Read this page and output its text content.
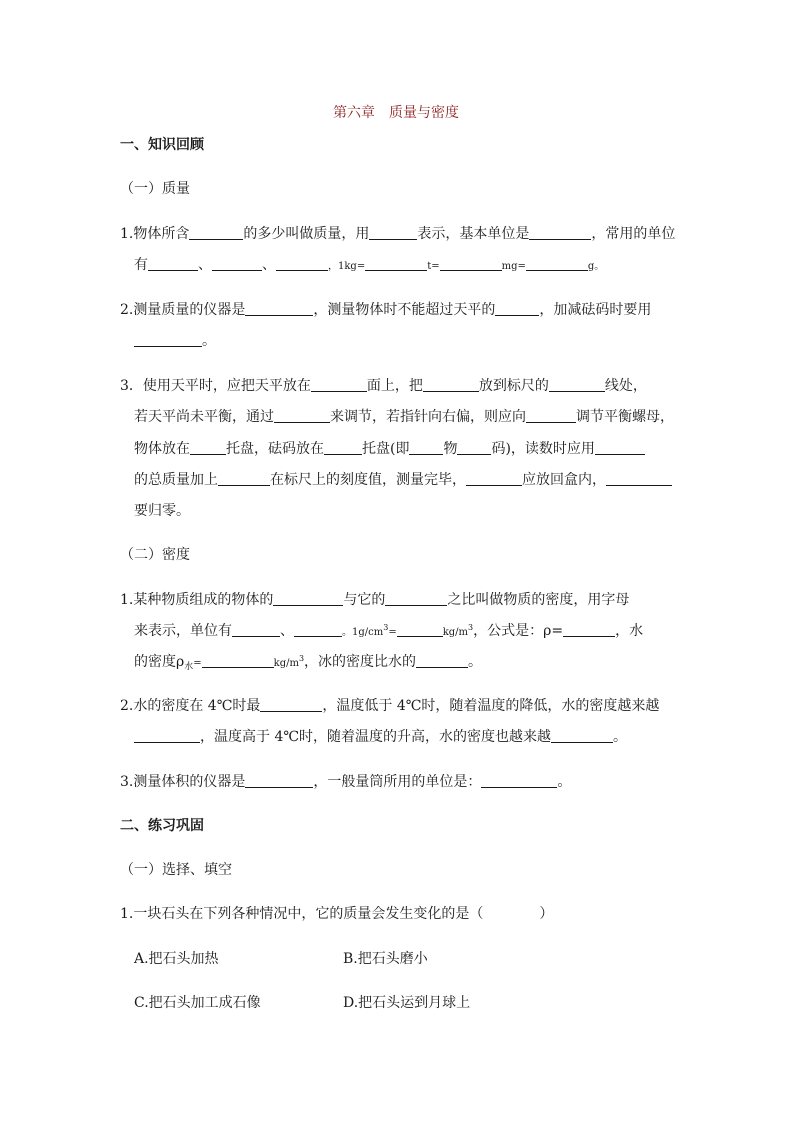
第六章　质量与密度
一、知识回顾
（一）质量
1.物体所含	的多少叫做质量，用	表示，基本单位是	，常用的单位
有	、	、	，1kg=	t=	mg=	g。
2.测量质量的仪器是	，测量物体时不能超过天平的	，加减砝码时要用
。
3．使用天平时，应把天平放在	面上，把	放到标尺的	线处，
若天平尚未平衡，通过	来调节，若指针向右偏，则应向	调节平衡螺母，
物体放在	托盘，砝码放在	托盘(即 物 码)，读数时应用
的总质量加上	在标尺上的刻度值，测量完毕，	应放回盒内，
要归零。
（二）密度
1.某种物质组成的物体的	与它的	之比叫做物质的密度，用字母
来表示，单位有	、	。$1g/cm^3=$	$kg/m^3$，公式是：ρ=	，水
的密度$\rho_水=$	$kg/m^3$，冰的密度比水的	。
2.水的密度在 4℃时最	，温度低于 4℃时，随着温度的降低，水的密度越来越
，温度高于 4℃时，随着温度的升高，水的密度也越来越	。
3.测量体积的仪器是	，一般量筒所用的单位是：	。
二、练习巩固
（一）选择、填空
1.一块石头在下列各种情况中，它的质量会发生变化的是（　　　　）
A.把石头加热	B.把石头磨小
C.把石头加工成石像	D.把石头运到月球上
